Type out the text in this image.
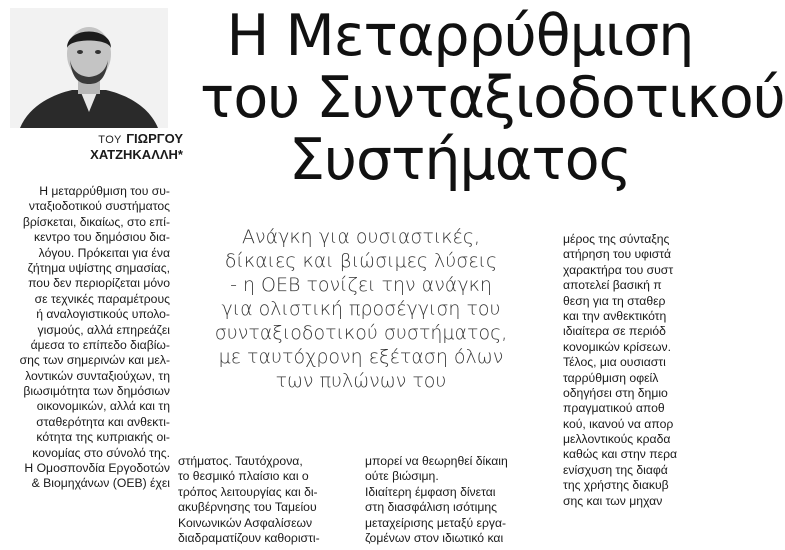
ΤΟΥ ΓΙΩΡΓΟΥ
ΧΑΤΖΗΚΑΛΛΗ*
Η Μεταρρύθμιση
του Συνταξιοδοτικού
Συστήματος
Ανάγκη για ουσιαστικές,
δίκαιες και βιώσιμες λύσεις
- η ΟΕΒ τονίζει την ανάγκη
για ολιστική προσέγγιση του
συνταξιοδοτικού συστήματος,
με ταυτόχρονη εξέταση όλων
των πυλώνων του
Η μεταρρύθμιση του συ-
νταξιοδοτικού συστήματος
βρίσκεται, δικαίως, στο επί-
κεντρο του δημόσιου δια-
λόγου. Πρόκειται για ένα
ζήτημα υψίστης σημασίας,
που δεν περιορίζεται μόνο
σε τεχνικές παραμέτρους
ή αναλογιστικούς υπολο-
γισμούς, αλλά επηρεάζει
άμεσα το επίπεδο διαβίω-
σης των σημερινών και μελ-
λοντικών συνταξιούχων, τη
βιωσιμότητα των δημόσιων
οικονομικών, αλλά και τη
σταθερότητα και ανθεκτι-
κότητα της κυπριακής οι-
κονομίας στο σύνολό της.
Η Ομοσπονδία Εργοδοτών
& Βιομηχάνων (ΟΕΒ) έχει
στήματος. Ταυτόχρονα,
το θεσμικό πλαίσιο και ο
τρόπος λειτουργίας και δι-
ακυβέρνησης του Ταμείου
Κοινωνικών Ασφαλίσεων
διαδραματίζουν καθοριστι-
μπορεί να θεωρηθεί δίκαιη
ούτε βιώσιμη.
Ιδιαίτερη έμφαση δίνεται
στη διασφάλιση ισότιμης
μεταχείρισης μεταξύ εργα-
ζομένων στον ιδιωτικό και
μέρος της σύνταξης
ατήρηση του υφιστά
χαρακτήρα του συστ
αποτελεί βασική π
θεση για τη σταθερ
και την ανθεκτικότη
ιδιαίτερα σε περιόδ
κονομικών κρίσεων.
Τέλος, μια ουσιαστι
ταρρύθμιση οφείλ
οδηγήσει στη δημιο
πραγματικού αποθ
κού, ικανού να απορ
μελλοντικούς κραδα
καθώς και στην περα
ενίσχυση της διαφά
της χρήστης διακυβ
σης και των μηχαν
